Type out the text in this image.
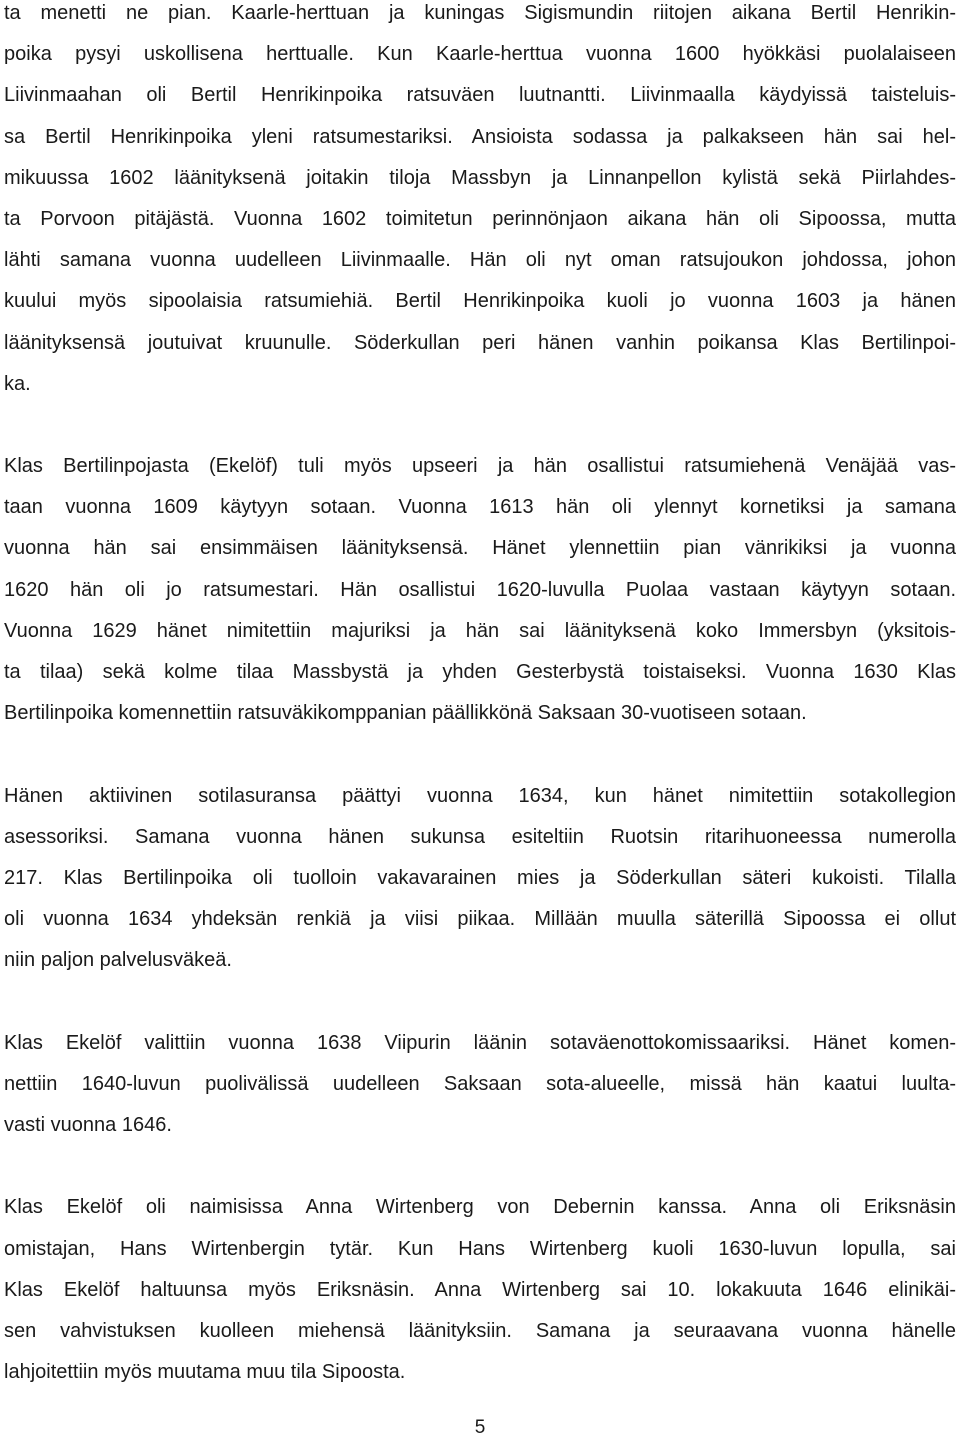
ta menetti ne pian. Kaarle-herttuan ja kuningas Sigismundin riitojen aikana Bertil Henrikin-
poika pysyi uskollisena herttualle. Kun Kaarle-herttua vuonna 1600 hyökkäsi puolalaiseen
Liivinmaahan oli Bertil Henrikinpoika ratsuväen luutnantti. Liivinmaalla käydyissä taisteluis-
sa Bertil Henrikinpoika yleni ratsumestariksi. Ansioista sodassa ja palkakseen hän sai hel-
mikuussa 1602 läänityksenä joitakin tiloja Massbyn ja Linnanpellon kylistä sekä Piirlahdes-
ta Porvoon pitäjästä. Vuonna 1602 toimitetun perinnönjaon aikana hän oli Sipoossa, mutta
lähti samana vuonna uudelleen Liivinmaalle. Hän oli nyt oman ratsujoukon johdossa, johon
kuului myös sipoolaisia ratsumiehiä. Bertil Henrikinpoika kuoli jo vuonna 1603 ja hänen
läänityksensä joutuivat kruunulle. Söderkullan peri hänen vanhin poikansa Klas Bertilinpoi-
ka.
Klas Bertilinpojasta (Ekelöf) tuli myös upseeri ja hän osallistui ratsumiehenä Venäjää vas-
taan vuonna 1609 käytyyn sotaan. Vuonna 1613 hän oli ylennyt kornetiksi ja samana
vuonna hän sai ensimmäisen läänityksensä. Hänet ylennettiin pian vänrikiksi ja vuonna
1620 hän oli jo ratsumestari. Hän osallistui 1620-luvulla Puolaa vastaan käytyyn sotaan.
Vuonna 1629 hänet nimitettiin majuriksi ja hän sai läänityksenä koko Immersbyn (yksitois-
ta tilaa) sekä kolme tilaa Massbystä ja yhden Gesterbystä toistaiseksi. Vuonna 1630 Klas
Bertilinpoika komennettiin ratsuväkikomppanian päällikkönä Saksaan 30-vuotiseen sotaan.
Hänen aktiivinen sotilasuransa päättyi vuonna 1634, kun hänet nimitettiin sotakollegion
asessoriksi. Samana vuonna hänen sukunsa esiteltiin Ruotsin ritarihuoneessa numerolla
217. Klas Bertilinpoika oli tuolloin vakavarainen mies ja Söderkullan säteri kukoisti. Tilalla
oli vuonna 1634 yhdeksän renkiä ja viisi piikaa. Millään muulla säterillä Sipoossa ei ollut
niin paljon palvelusväkeä.
Klas Ekelöf valittiin vuonna 1638 Viipurin läänin sotaväenottokomissaariksi. Hänet komen-
nettiin 1640-luvun puolivälissä uudelleen Saksaan sota-alueelle, missä hän kaatui luulta-
vasti vuonna 1646.
Klas Ekelöf oli naimisissa Anna Wirtenberg von Debernin kanssa. Anna oli Eriksnäsin
omistajan, Hans Wirtenbergin tytär. Kun Hans Wirtenberg kuoli 1630-luvun lopulla, sai
Klas Ekelöf haltuunsa myös Eriksnäsin. Anna Wirtenberg sai 10. lokakuuta 1646 elinikäi-
sen vahvistuksen kuolleen miehensä läänityksiin. Samana ja seuraavana vuonna hänelle
lahjoitettiin myös muutama muu tila Sipoosta.
5
